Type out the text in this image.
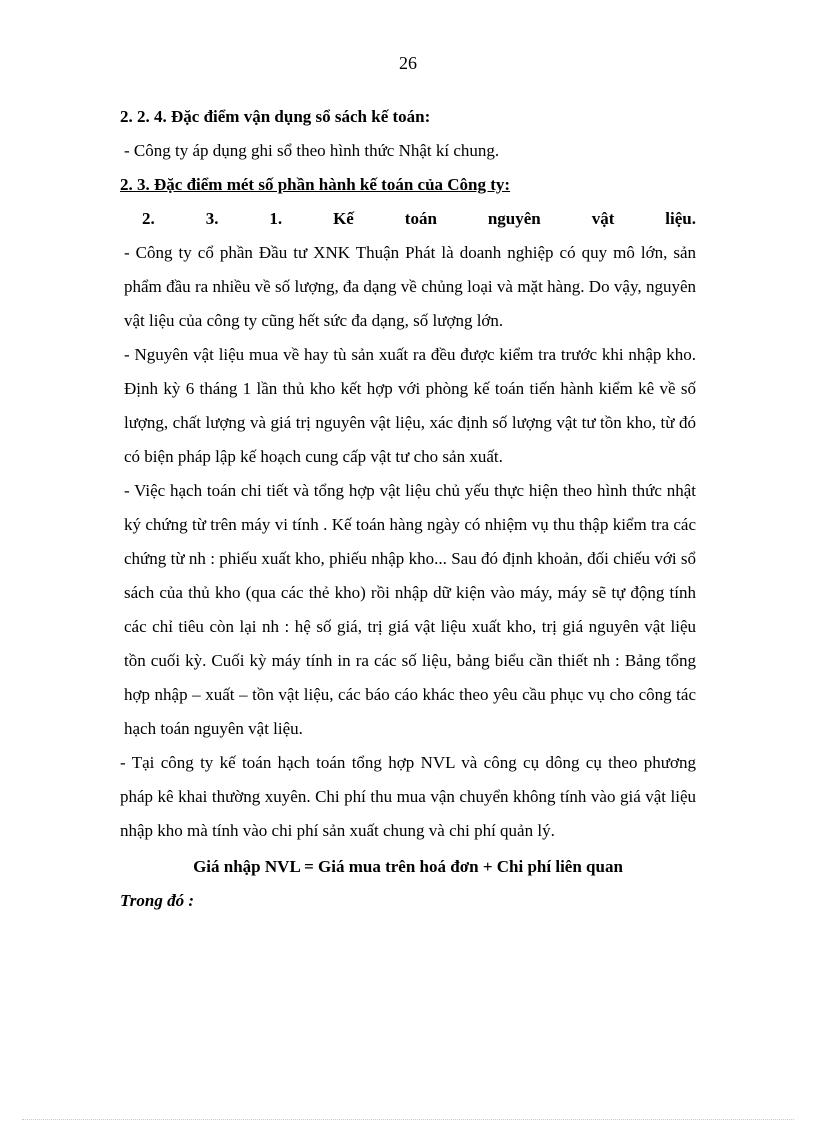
26

2. 2. 4. Đặc điểm vận dụng sổ sách kế toán:

- Công ty áp dụng ghi sổ theo hình thức Nhật kí chung.

2. 3. Đặc điểm mét số phần hành kế toán của Công ty:

2. 3. 1. Kế toán nguyên vật liệu.

- Công ty cổ phần Đầu tư XNK Thuận Phát là doanh nghiệp có quy mô lớn, sản phẩm đầu ra nhiều về số lượng, đa dạng về chủng loại và mặt hàng. Do vậy, nguyên vật liệu của công ty cũng hết sức đa dạng, số lượng lớn.

- Nguyên vật liệu mua về hay tù sản xuất ra đều được kiểm tra trước khi nhập kho. Định kỳ 6 tháng 1 lần thủ kho kết hợp với phòng kế toán tiến hành kiểm kê về số lượng, chất lượng và giá trị nguyên vật liệu, xác định số lượng vật tư tồn kho, từ đó có biện pháp lập kế hoạch cung cấp vật tư cho sản xuất.

- Việc hạch toán chi tiết và tổng hợp vật liệu chủ yếu thực hiện theo hình thức nhật ký chứng từ trên máy vi tính . Kế toán hàng ngày có nhiệm vụ thu thập kiểm tra các chứng từ nh : phiếu xuất kho, phiếu nhập kho... Sau đó định khoản, đối chiếu với sổ sách của thủ kho (qua các thẻ kho) rồi nhập dữ kiện vào máy, máy sẽ tự động tính các chỉ tiêu còn lại nh : hệ số giá, trị giá vật liệu xuất kho, trị giá nguyên vật liệu tồn cuối kỳ. Cuối kỳ máy tính in ra các số liệu, bảng biểu cần thiết nh : Bảng tổng hợp nhập – xuất – tồn vật liệu, các báo cáo khác theo yêu cầu phục vụ cho công tác hạch toán nguyên vật liệu.

- Tại công ty kế toán hạch toán tổng hợp NVL và công cụ dông cụ theo phương pháp kê khai thường xuyên. Chi phí thu mua vận chuyển không tính vào giá vật liệu nhập kho mà tính vào chi phí sản xuất chung và chi phí quản lý.

Giá nhập NVL = Giá mua trên hoá đơn + Chi phí liên quan

Trong đó :
